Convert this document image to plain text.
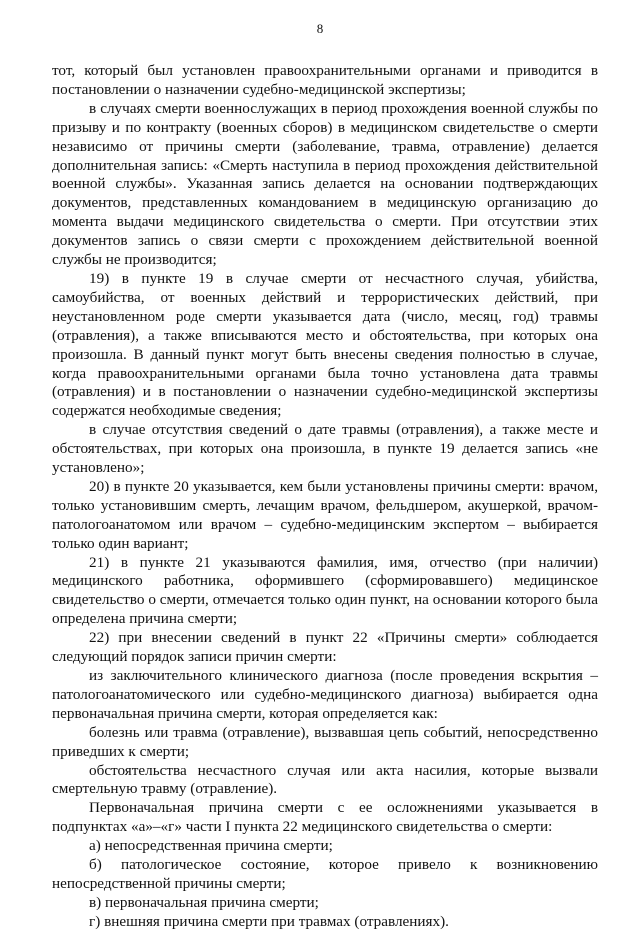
8

тот, который был установлен правоохранительными органами и приводится в постановлении о назначении судебно-медицинской экспертизы;

в случаях смерти военнослужащих в период прохождения военной службы по призыву и по контракту (военных сборов) в медицинском свидетельстве о смерти независимо от причины смерти (заболевание, травма, отравление) делается дополнительная запись: «Смерть наступила в период прохождения действительной военной службы». Указанная запись делается на основании подтверждающих документов, представленных командованием в медицинскую организацию до момента выдачи медицинского свидетельства о смерти. При отсутствии этих документов запись о связи смерти с прохождением действительной военной службы не производится;

19) в пункте 19 в случае смерти от несчастного случая, убийства, самоубийства, от военных действий и террористических действий, при неустановленном роде смерти указывается дата (число, месяц, год) травмы (отравления), а также вписываются место и обстоятельства, при которых она произошла. В данный пункт могут быть внесены сведения полностью в случае, когда правоохранительными органами была точно установлена дата травмы (отравления) и в постановлении о назначении судебно-медицинской экспертизы содержатся необходимые сведения;

в случае отсутствия сведений о дате травмы (отравления), а также месте и обстоятельствах, при которых она произошла, в пункте 19 делается запись «не установлено»;

20) в пункте 20 указывается, кем были установлены причины смерти: врачом, только установившим смерть, лечащим врачом, фельдшером, акушеркой, врачом-патологоанатомом или врачом – судебно-медицинским экспертом – выбирается только один вариант;

21) в пункте 21 указываются фамилия, имя, отчество (при наличии) медицинского работника, оформившего (сформировавшего) медицинское свидетельство о смерти, отмечается только один пункт, на основании которого была определена причина смерти;

22) при внесении сведений в пункт 22 «Причины смерти» соблюдается следующий порядок записи причин смерти:

из заключительного клинического диагноза (после проведения вскрытия – патологоанатомического или судебно-медицинского диагноза) выбирается одна первоначальная причина смерти, которая определяется как:

болезнь или травма (отравление), вызвавшая цепь событий, непосредственно приведших к смерти;

обстоятельства несчастного случая или акта насилия, которые вызвали смертельную травму (отравление).

Первоначальная причина смерти с ее осложнениями указывается в подпунктах «а»–«г» части I пункта 22 медицинского свидетельства о смерти:

а) непосредственная причина смерти;

б) патологическое состояние, которое привело к возникновению непосредственной причины смерти;

в) первоначальная причина смерти;

г) внешняя причина смерти при травмах (отравлениях).
